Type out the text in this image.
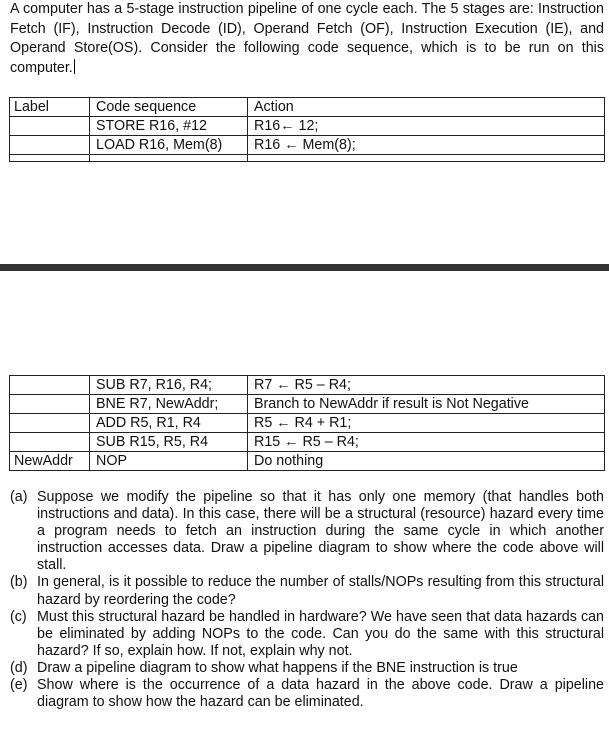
A computer has a 5-stage instruction pipeline of one cycle each. The 5 stages are: Instruction Fetch (IF), Instruction Decode (ID), Operand Fetch (OF), Instruction Execution (IE), and Operand Store(OS). Consider the following code sequence, which is to be run on this computer.

Label	Code sequence	Action
	STORE R16, #12	R16← 12;
	LOAD R16, Mem(8)	R16 ← Mem(8);

	SUB R7, R16, R4;	R7 ← R5 – R4;
	BNE R7, NewAddr;	Branch to NewAddr if result is Not Negative
	ADD R5, R1, R4	R5 ← R4 + R1;
	SUB R15, R5, R4	R15 ← R5 – R4;
NewAddr	NOP	Do nothing
(a) Suppose we modify the pipeline so that it has only one memory (that handles both instructions and data). In this case, there will be a structural (resource) hazard every time a program needs to fetch an instruction during the same cycle in which another instruction accesses data. Draw a pipeline diagram to show where the code above will stall.
(b) In general, is it possible to reduce the number of stalls/NOPs resulting from this structural hazard by reordering the code?
(c) Must this structural hazard be handled in hardware? We have seen that data hazards can be eliminated by adding NOPs to the code. Can you do the same with this structural hazard? If so, explain how. If not, explain why not.
(d) Draw a pipeline diagram to show what happens if the BNE instruction is true
(e) Show where is the occurrence of a data hazard in the above code. Draw a pipeline diagram to show how the hazard can be eliminated.
